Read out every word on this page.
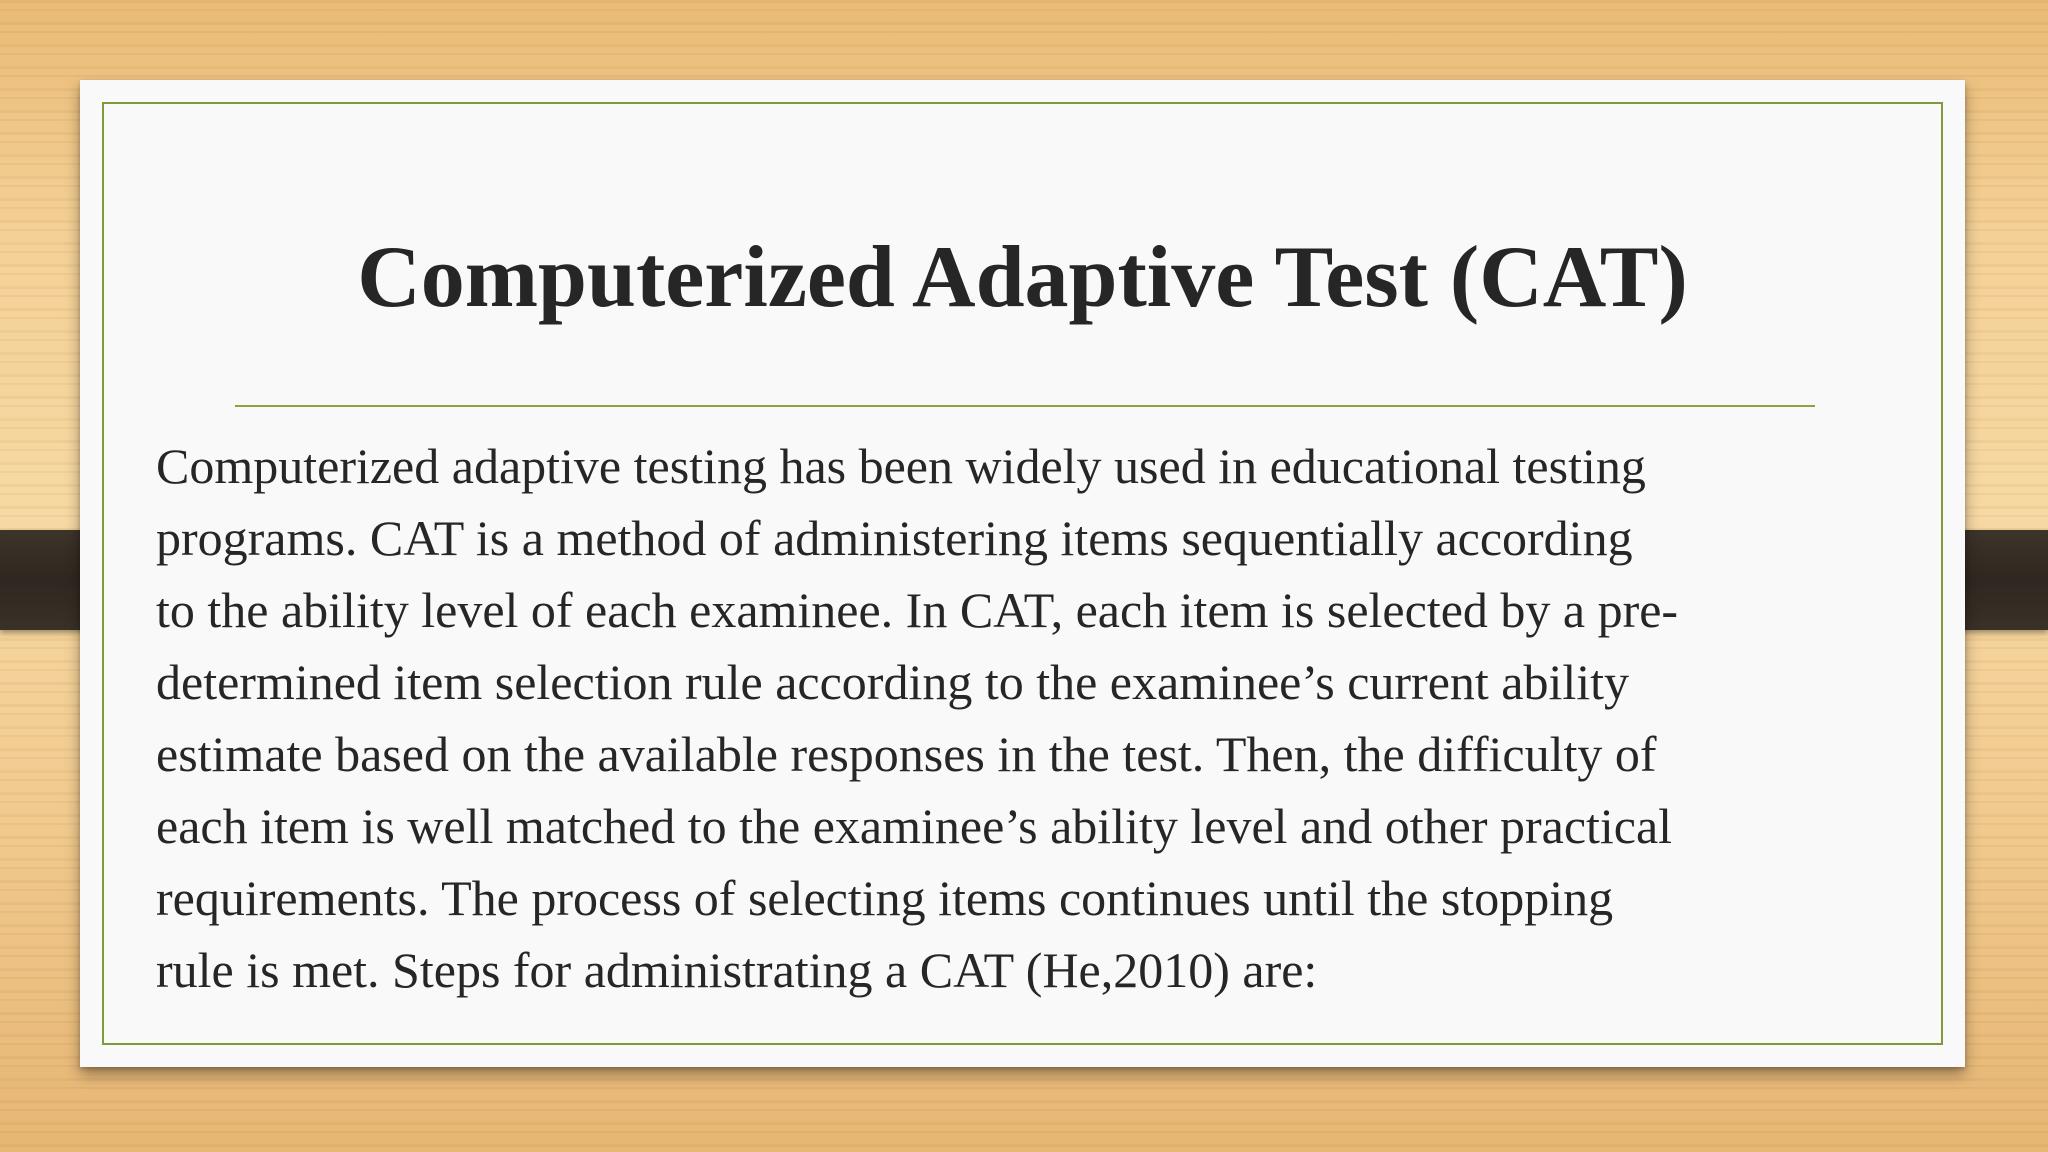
Computerized Adaptive Test (CAT)

Computerized adaptive testing has been widely used in educational testing
programs. CAT is a method of administering items sequentially according
to the ability level of each examinee. In CAT, each item is selected by a pre-
determined item selection rule according to the examinee’s current ability
estimate based on the available responses in the test. Then, the difficulty of
each item is well matched to the examinee’s ability level and other practical
requirements. The process of selecting items continues until the stopping
rule is met. Steps for administrating a CAT (He,2010) are:
